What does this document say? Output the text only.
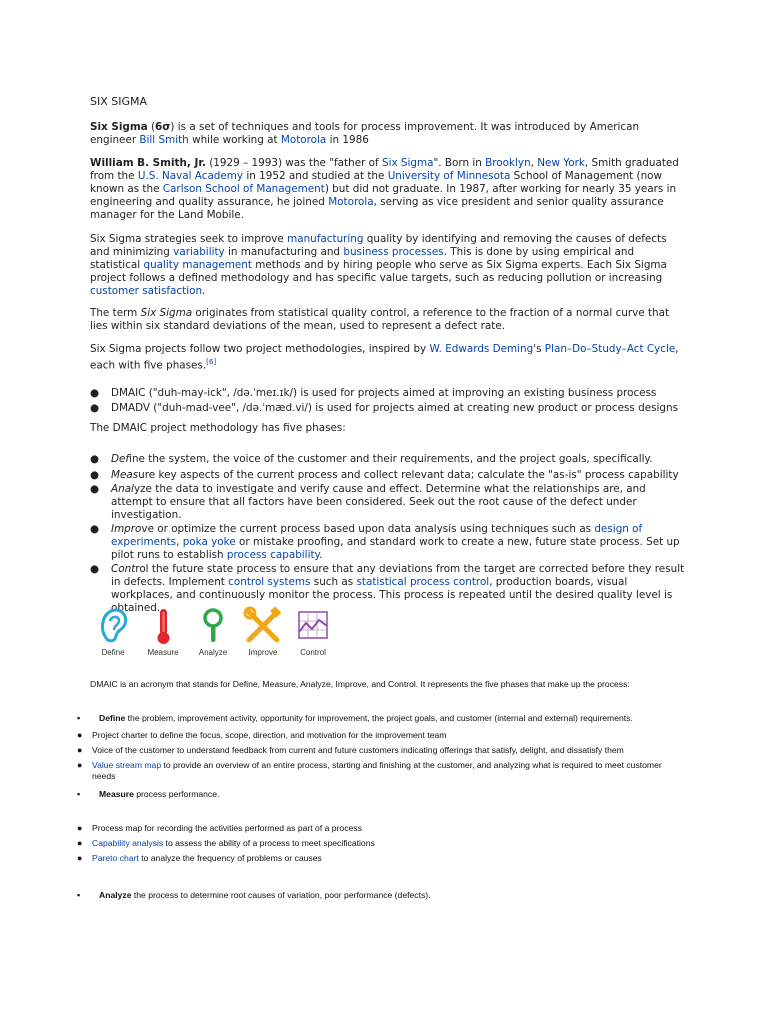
SIX SIGMA

Six Sigma (6σ) is a set of techniques and tools for process improvement. It was introduced by American engineer Bill Smith while working at Motorola in 1986

William B. Smith, Jr. (1929 – 1993) was the "father of Six Sigma". Born in Brooklyn, New York, Smith graduated from the U.S. Naval Academy in 1952 and studied at the University of Minnesota School of Management (now known as the Carlson School of Management) but did not graduate. In 1987, after working for nearly 35 years in engineering and quality assurance, he joined Motorola, serving as vice president and senior quality assurance manager for the Land Mobile.

Six Sigma strategies seek to improve manufacturing quality by identifying and removing the causes of defects and minimizing variability in manufacturing and business processes. This is done by using empirical and statistical quality management methods and by hiring people who serve as Six Sigma experts. Each Six Sigma project follows a defined methodology and has specific value targets, such as reducing pollution or increasing customer satisfaction.

The term Six Sigma originates from statistical quality control, a reference to the fraction of a normal curve that lies within six standard deviations of the mean, used to represent a defect rate.

Six Sigma projects follow two project methodologies, inspired by W. Edwards Deming's Plan–Do–Study–Act Cycle, each with five phases.[6]

● DMAIC ("duh-may-ick", /də.ˈmeɪ.ɪk/) is used for projects aimed at improving an existing business process
● DMADV ("duh-mad-vee", /də.ˈmæd.vi/) is used for projects aimed at creating new product or process designs

The DMAIC project methodology has five phases:

● Define the system, the voice of the customer and their requirements, and the project goals, specifically.
● Measure key aspects of the current process and collect relevant data; calculate the "as-is" process capability
● Analyze the data to investigate and verify cause and effect. Determine what the relationships are, and attempt to ensure that all factors have been considered. Seek out the root cause of the defect under investigation.
● Improve or optimize the current process based upon data analysis using techniques such as design of experiments, poka yoke or mistake proofing, and standard work to create a new, future state process. Set up pilot runs to establish process capability.
● Control the future state process to ensure that any deviations from the target are corrected before they result in defects. Implement control systems such as statistical process control, production boards, visual workplaces, and continuously monitor the process. This process is repeated until the desired quality level is obtained.
Define	Measure	Analyze	Improve	Control
DMAIC is an acronym that stands for Define, Measure, Analyze, Improve, and Control. It represents the five phases that make up the process:
▪ Define the problem, improvement activity, opportunity for improvement, the project goals, and customer (internal and external) requirements.
● Project charter to define the focus, scope, direction, and motivation for the improvement team
● Voice of the customer to understand feedback from current and future customers indicating offerings that satisfy, delight, and dissatisfy them
● Value stream map to provide an overview of an entire process, starting and finishing at the customer, and analyzing what is required to meet customer needs
▪ Measure process performance.
● Process map for recording the activities performed as part of a process
● Capability analysis to assess the ability of a process to meet specifications
● Pareto chart to analyze the frequency of problems or causes
▪ Analyze the process to determine root causes of variation, poor performance (defects).
